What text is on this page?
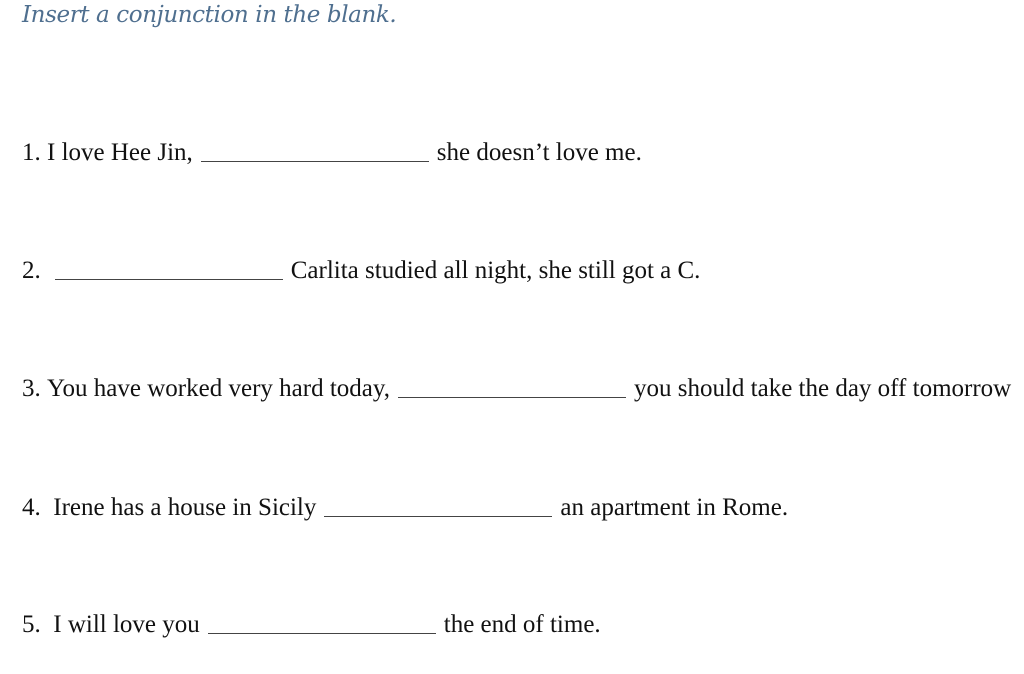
Insert a conjunction in the blank.
1.
I love Hee Jin,	she doesn’t love me.
2.	Carlita studied all night, she still got a C.
3.
You have worked very hard today,	you should take the day off tomorrow
4.
Irene has a house in Sicily	an apartment in Rome.
5.
I will love you	the end of time.
